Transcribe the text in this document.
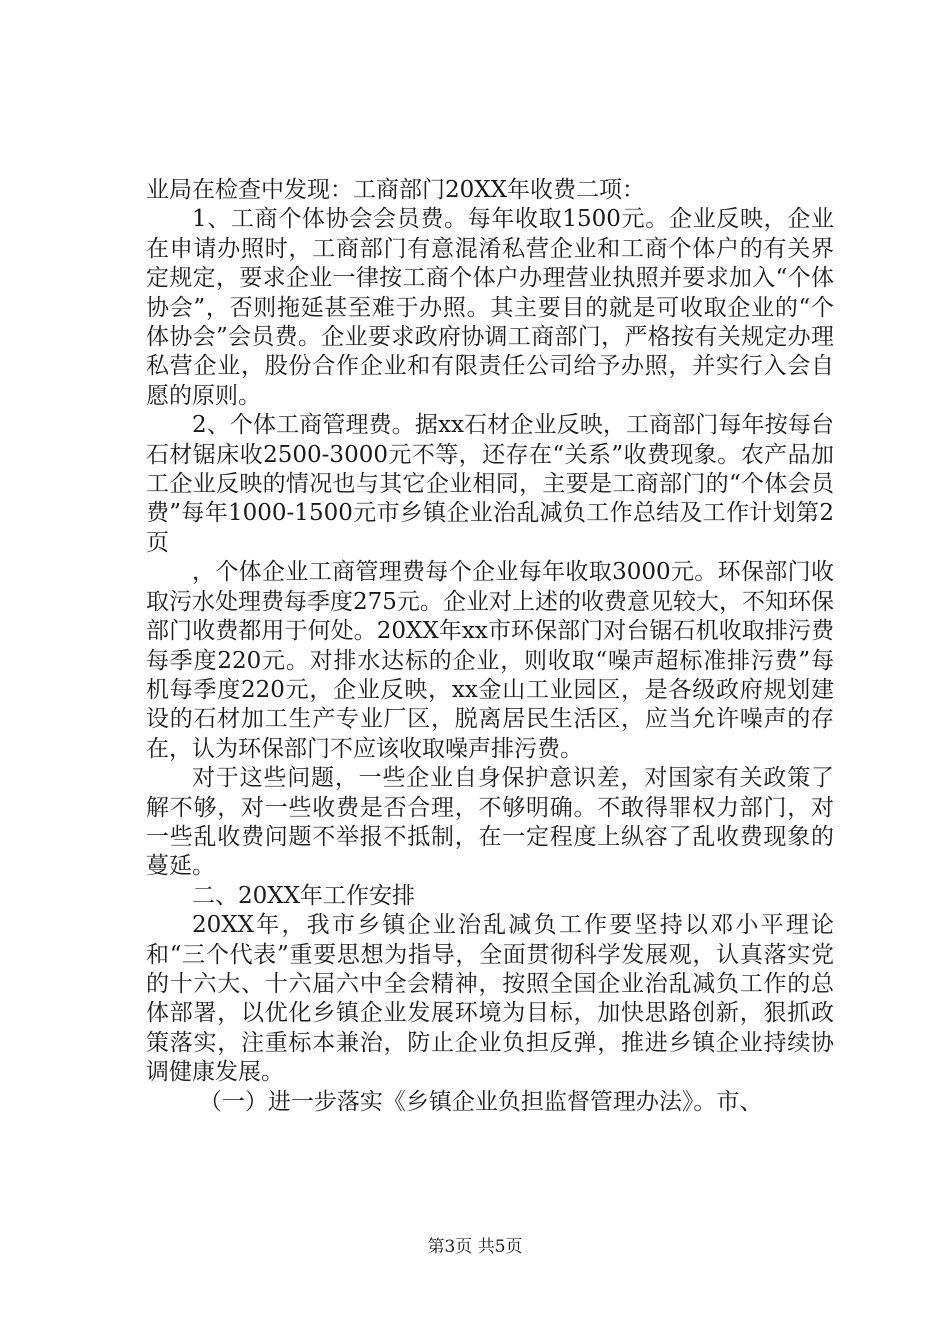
业局在检查中发现：工商部门20XX年收费二项：

1、工商个体协会会员费。每年收取1500元。企业反映，企业在申请办照时，工商部门有意混淆私营企业和工商个体户的有关界定规定，要求企业一律按工商个体户办理营业执照并要求加入“个体协会”，否则拖延甚至难于办照。其主要目的就是可收取企业的“个体协会”会员费。企业要求政府协调工商部门，严格按有关规定办理私营企业，股份合作企业和有限责任公司给予办照，并实行入会自愿的原则。

2、个体工商管理费。据xx石材企业反映，工商部门每年按每台石材锯床收2500-3000元不等，还存在“关系”收费现象。农产品加工企业反映的情况也与其它企业相同，主要是工商部门的“个体会员费”每年1000-1500元市乡镇企业治乱减负工作总结及工作计划第2页

，个体企业工商管理费每个企业每年收取3000元。环保部门收取污水处理费每季度275元。企业对上述的收费意见较大，不知环保部门收费都用于何处。20XX年xx市环保部门对台锯石机收取排污费每季度220元。对排水达标的企业，则收取“噪声超标准排污费”每机每季度220元，企业反映，xx金山工业园区，是各级政府规划建设的石材加工生产专业厂区，脱离居民生活区，应当允许噪声的存在，认为环保部门不应该收取噪声排污费。

对于这些问题，一些企业自身保护意识差，对国家有关政策了解不够，对一些收费是否合理，不够明确。不敢得罪权力部门，对一些乱收费问题不举报不抵制，在一定程度上纵容了乱收费现象的蔓延。

二、20XX年工作安排

20XX年，我市乡镇企业治乱减负工作要坚持以邓小平理论和“三个代表”重要思想为指导，全面贯彻科学发展观，认真落实党的十六大、十六届六中全会精神，按照全国企业治乱减负工作的总体部署，以优化乡镇企业发展环境为目标，加快思路创新，狠抓政策落实，注重标本兼治，防止企业负担反弹，推进乡镇企业持续协调健康发展。

（一）进一步落实《乡镇企业负担监督管理办法》。市、

第3页 共5页
